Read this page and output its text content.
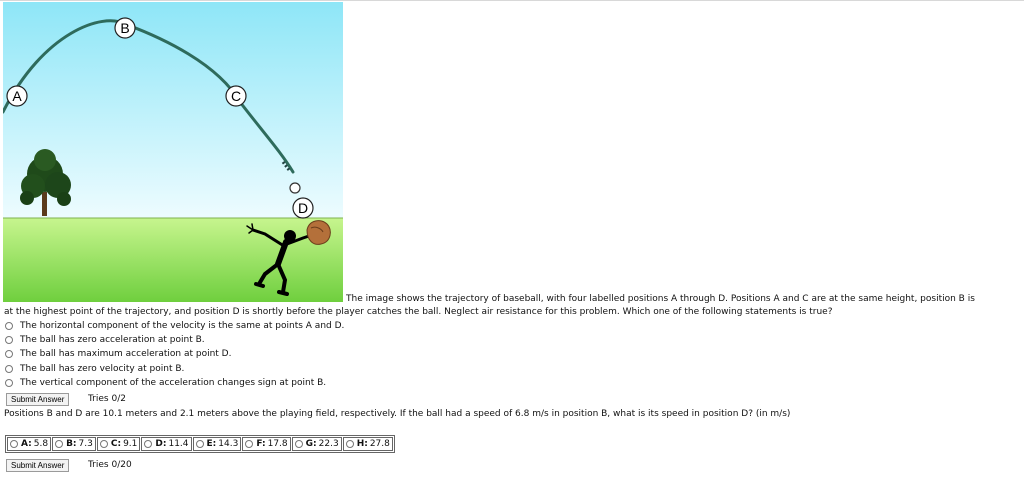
B
A	C
D
The image shows the trajectory of baseball, with four labelled positions A through D. Positions A and C are at the same height, position B is
at the highest point of the trajectory, and position D is shortly before the player catches the ball. Neglect air resistance for this problem. Which one of the following statements is true?
The horizontal component of the velocity is the same at points A and D.
The ball has zero acceleration at point B.
The ball has maximum acceleration at point D.
The ball has zero velocity at point B.
The vertical component of the acceleration changes sign at point B.
Submit Answer	Tries 0/2
Positions B and D are 10.1 meters and 2.1 meters above the playing field, respectively. If the ball had a speed of 6.8 m/s in position B, what is its speed in position D? (in m/s)
A: 5.8 B: 7.3 C: 9.1 D: 11.4 E: 14.3 F: 17.8 G: 22.3 H: 27.8
Submit Answer	Tries 0/20
